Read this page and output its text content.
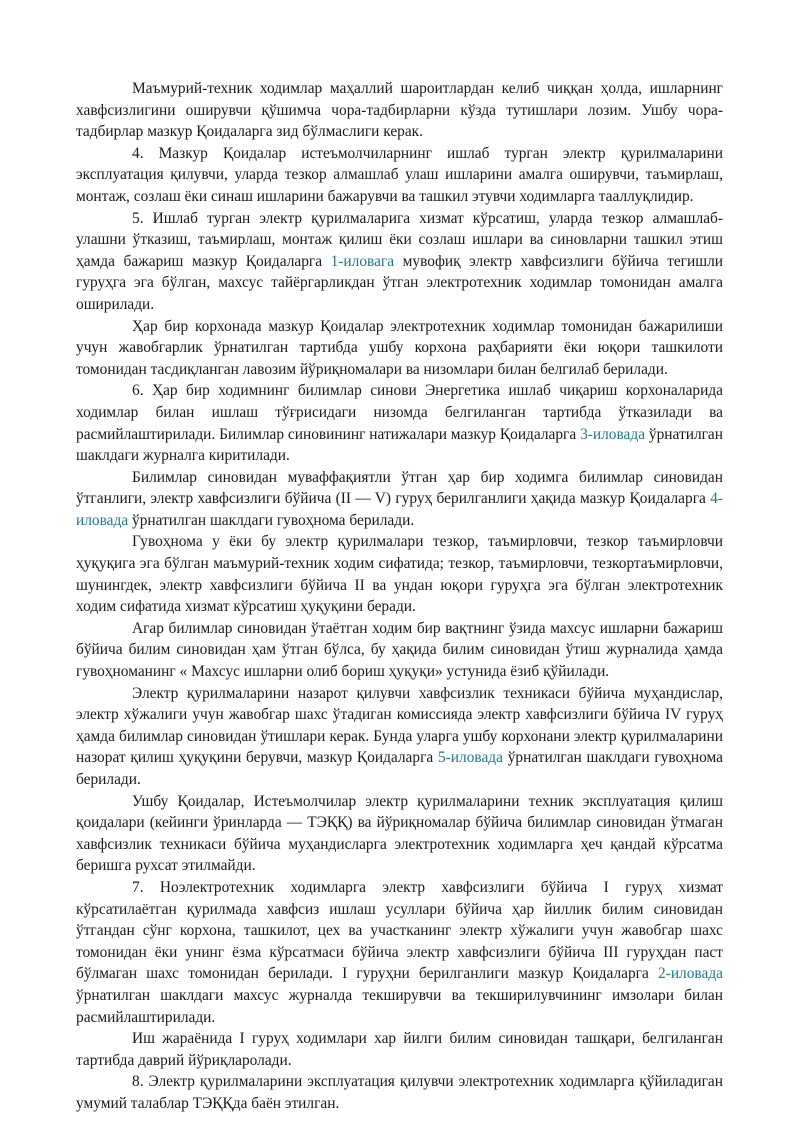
Маъмурий-техник ходимлар маҳаллий шароитлардан келиб чиққан ҳолда, ишларнинг хавфсизлигини оширувчи қўшимча чора-тадбирларни кўзда тутишлари лозим. Ушбу чора-тадбирлар мазкур Қоидаларга зид бўлмаслиги керак.

4. Мазкур Қоидалар истеъмолчиларнинг ишлаб турган электр қурилмаларини эксплуатация қилувчи, уларда тезкор алмашлаб улаш ишларини амалга оширувчи, таъмирлаш, монтаж, созлаш ёки синаш ишларини бажарувчи ва ташкил этувчи ходимларга тааллуқлидир.

5. Ишлаб турган электр қурилмаларига хизмат кўрсатиш, уларда тезкор алмашлаб-улашни ўтказиш, таъмирлаш, монтаж қилиш ёки созлаш ишлари ва синовларни ташкил этиш ҳамда бажариш мазкур Қоидаларга 1-иловага мувофиқ электр хавфсизлиги бўйича тегишли гуруҳга эга бўлган, махсус тайёргарликдан ўтган электротехник ходимлар томонидан амалга оширилади.

Ҳар бир корхонада мазкур Қоидалар электротехник ходимлар томонидан бажарилиши учун жавобгарлик ўрнатилган тартибда ушбу корхона раҳбарияти ёки юқори ташкилоти томонидан тасдиқланган лавозим йўриқномалари ва низомлари билан белгилаб берилади.

6. Ҳар бир ходимнинг билимлар синови Энергетика ишлаб чиқариш корхоналарида ходимлар билан ишлаш тўғрисидаги низомда белгиланган тартибда ўтказилади ва расмийлаштирилади. Билимлар синовининг натижалари мазкур Қоидаларга 3-иловада ўрнатилган шаклдаги журналга киритилади.

Билимлар синовидан муваффақиятли ўтган ҳар бир ходимга билимлар синовидан ўтганлиги, электр хавфсизлиги бўйича (II — V) гуруҳ берилганлиги ҳақида мазкур Қоидаларга 4-иловада ўрнатилган шаклдаги гувоҳнома берилади.

Гувоҳнома у ёки бу электр қурилмалари тезкор, таъмирловчи, тезкор таъмирловчи ҳуқуқига эга бўлган маъмурий-техник ходим сифатида; тезкор, таъмирловчи, тезкортаъмирловчи, шунингдек, электр хавфсизлиги бўйича II ва ундан юқори гуруҳга эга бўлган электротехник ходим сифатида хизмат кўрсатиш ҳуқуқини беради.

Агар билимлар синовидан ўтаётган ходим бир вақтнинг ўзида махсус ишларни бажариш бўйича билим синовидан ҳам ўтган бўлса, бу ҳақида билим синовидан ўтиш журналида ҳамда гувоҳноманинг « Махсус ишларни олиб бориш ҳуқуқи» устунида ёзиб қўйилади.

Электр қурилмаларини назарот қилувчи хавфсизлик техникаси бўйича муҳандислар, электр хўжалиги учун жавобгар шахс ўтадиган комиссияда электр хавфсизлиги бўйича IV гуруҳ ҳамда билимлар синовидан ўтишлари керак. Бунда уларга ушбу корхонани электр қурилмаларини назорат қилиш ҳуқуқини берувчи, мазкур Қоидаларга 5-иловада ўрнатилган шаклдаги гувоҳнома берилади.

Ушбу Қоидалар, Истеъмолчилар электр қурилмаларини техник эксплуатация қилиш қоидалари (кейинги ўринларда — ТЭҚҚ) ва йўриқномалар бўйича билимлар синовидан ўтмаган хавфсизлик техникаси бўйича муҳандисларга электротехник ходимларга ҳеч қандай кўрсатма беришга рухсат этилмайди.

7. Ноэлектротехник ходимларга электр хавфсизлиги бўйича I гуруҳ хизмат кўрсатилаётган қурилмада хавфсиз ишлаш усуллари бўйича ҳар йиллик билим синовидан ўтгандан сўнг корхона, ташкилот, цех ва участканинг электр хўжалиги учун жавобгар шахс томонидан ёки унинг ёзма кўрсатмаси бўйича электр хавфсизлиги бўйича III гуруҳдан паст бўлмаган шахс томонидан берилади. I гуруҳни берилганлиги мазкур Қоидаларга 2-иловада ўрнатилган шаклдаги махсус журналда текширувчи ва текширилувчининг имзолари билан расмийлаштирилади.

Иш жараёнида I гуруҳ ходимлари хар йилги билим синовидан ташқари, белгиланган тартибда даврий йўриқларолади.

8. Электр қурилмаларини эксплуатация қилувчи электротехник ходимларга қўйиладиган умумий талаблар ТЭҚҚда баён этилган.
